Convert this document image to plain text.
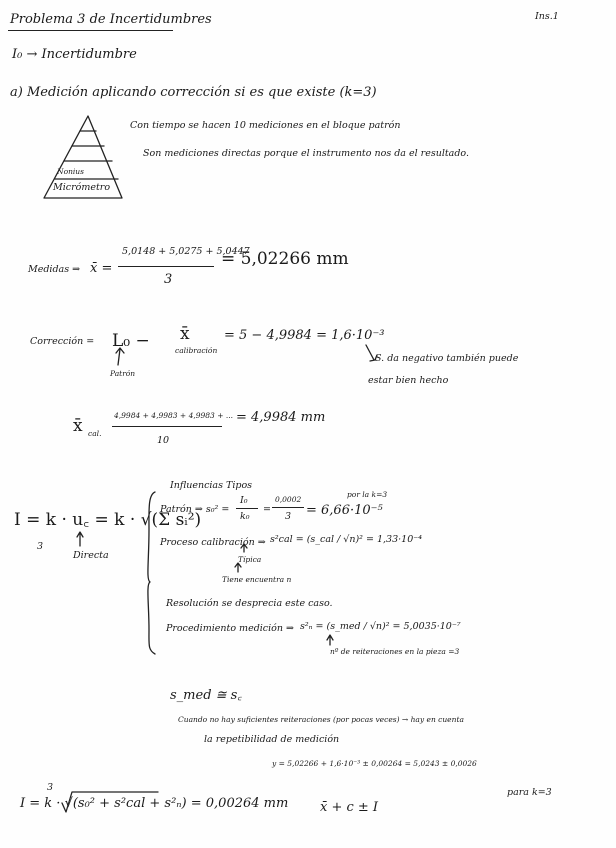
Problema 3 de Incertidumbres	Ins.1
I₀ → Incertidumbre
a) Medición aplicando corrección si es que existe (k=3)
Nonius
Micrómetro
Con tiempo se hacen 10 mediciones en el bloque patrón
Son mediciones directas porque el instrumento nos da el resultado.
Medidas ⇒ x̄ =
5,0148 + 5,0275 + 5,0447
3
= 5,02266 mm
Corrección = L₀ − x̄
calibración
= 5 − 4,9984 = 1,6·10⁻³
Patrón
S. da negativo también puede
estar bien hecho
x̄ cal.
4,9984 + 4,9983 + 4,9983 + ...
10
= 4,9984 mm
I = k · u꜀ = k · √(Σ sᵢ²)
3
Directa
Influencias Tipos
Patrón ⇒ s₀² =
I₀
k₀
=
0,0002
3 = 6,66·10⁻⁵
por la k=3
Proceso calibración ⇒ s²cal = (s_cal / √n)² = 1,33·10⁻⁴
Típica
Tiene encuentra n
Resolución se desprecia este caso.
Procedimiento medición ⇒ s²ₙ = (s_med / √n)² = 5,0035·10⁻⁷
nº de reiteraciones en la pieza =3
s_med ≅ s꜀
Cuando no hay suficientes reiteraciones (por pocas veces) → hay en cuenta
la repetibilidad de medición
3
I = k · √(s₀² + s²cal + s²ₙ) = 0,00264 mm
y = 5,02266 + 1,6·10⁻³ ± 0,00264 = 5,0243 ± 0,0026
x̄ + c ± I
para k=3
